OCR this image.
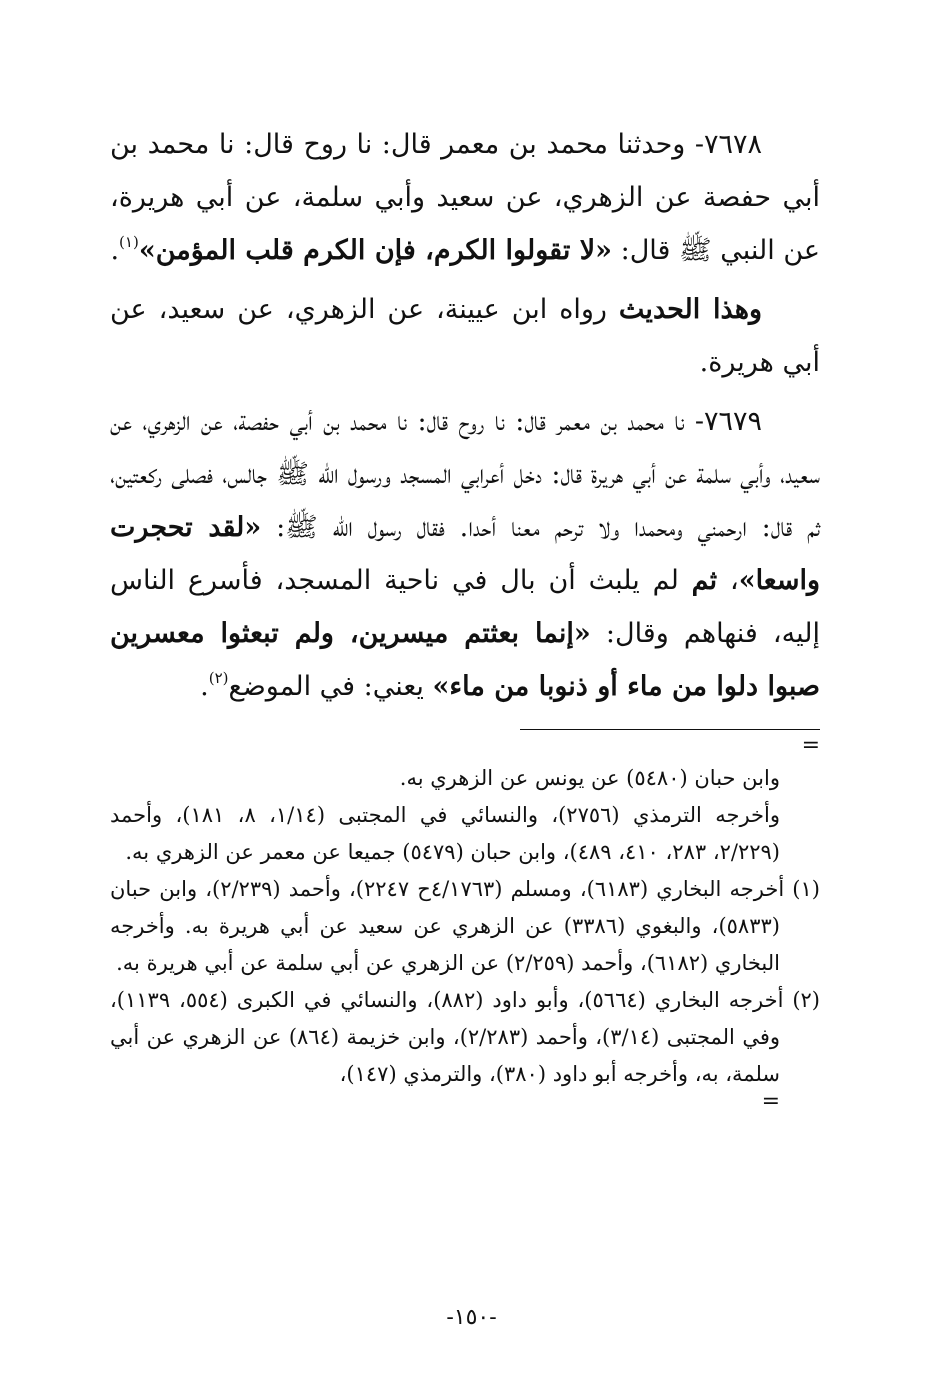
٧٦٧٨- وحدثنا محمد بن معمر قال: نا روح قال: نا محمد بن أبي حفصة عن الزهري، عن سعيد وأبي سلمة، عن أبي هريرة، عن النبي ﷺ قال: «لا تقولوا الكرم، فإن الكرم قلب المؤمن»$^{(١)}$.

وهذا الحديث رواه ابن عيينة، عن الزهري، عن سعيد، عن أبي هريرة.

٧٦٧٩- نا محمد بن معمر قال: نا روح قال: نا محمد بن أبي حفصة، عن الزهري، عن سعيد، وأبي سلمة عن أبي هريرة قال: دخل أعرابي المسجد ورسول الله ﷺ جالس، فصلى ركعتين، ثم قال: ارحمني ومحمدا ولا ترحم معنا أحدا. فقال رسول الله ﷺ: «لقد تحجرت واسعا»، ثم لم يلبث أن بال في ناحية المسجد، فأسرع الناس إليه، فنهاهم وقال: «إنما بعثتم ميسرين، ولم تبعثوا معسرين صبوا دلوا من ماء أو ذنوبا من ماء» يعني: في الموضع$^{(٢)}$.

=

وابن حبان (٥٤٨٠) عن يونس عن الزهري به.

وأخرجه الترمذي (٢٧٥٦)، والنسائي في المجتبى (١/١٤، ٨، ١٨١)، وأحمد (٢/٢٢٩، ٢٨٣، ٤١٠، ٤٨٩)، وابن حبان (٥٤٧٩) جميعا عن معمر عن الزهري به.

(١) أخرجه البخاري (٦١٨٣)، ومسلم (٤/١٧٦٣ح ٢٢٤٧)، وأحمد (٢/٢٣٩)، وابن حبان (٥٨٣٣)، والبغوي (٣٣٨٦) عن الزهري عن سعيد عن أبي هريرة به. وأخرجه البخاري (٦١٨٢)، وأحمد (٢/٢٥٩) عن الزهري عن أبي سلمة عن أبي هريرة به.

(٢) أخرجه البخاري (٥٦٦٤)، وأبو داود (٨٨٢)، والنسائي في الكبرى (٥٥٤، ١١٣٩)، وفي المجتبى (٣/١٤)، وأحمد (٢/٢٨٣)، وابن خزيمة (٨٦٤) عن الزهري عن أبي سلمة، به، وأخرجه أبو داود (٣٨٠)، والترمذي (١٤٧)،

=
-١٥٠-
